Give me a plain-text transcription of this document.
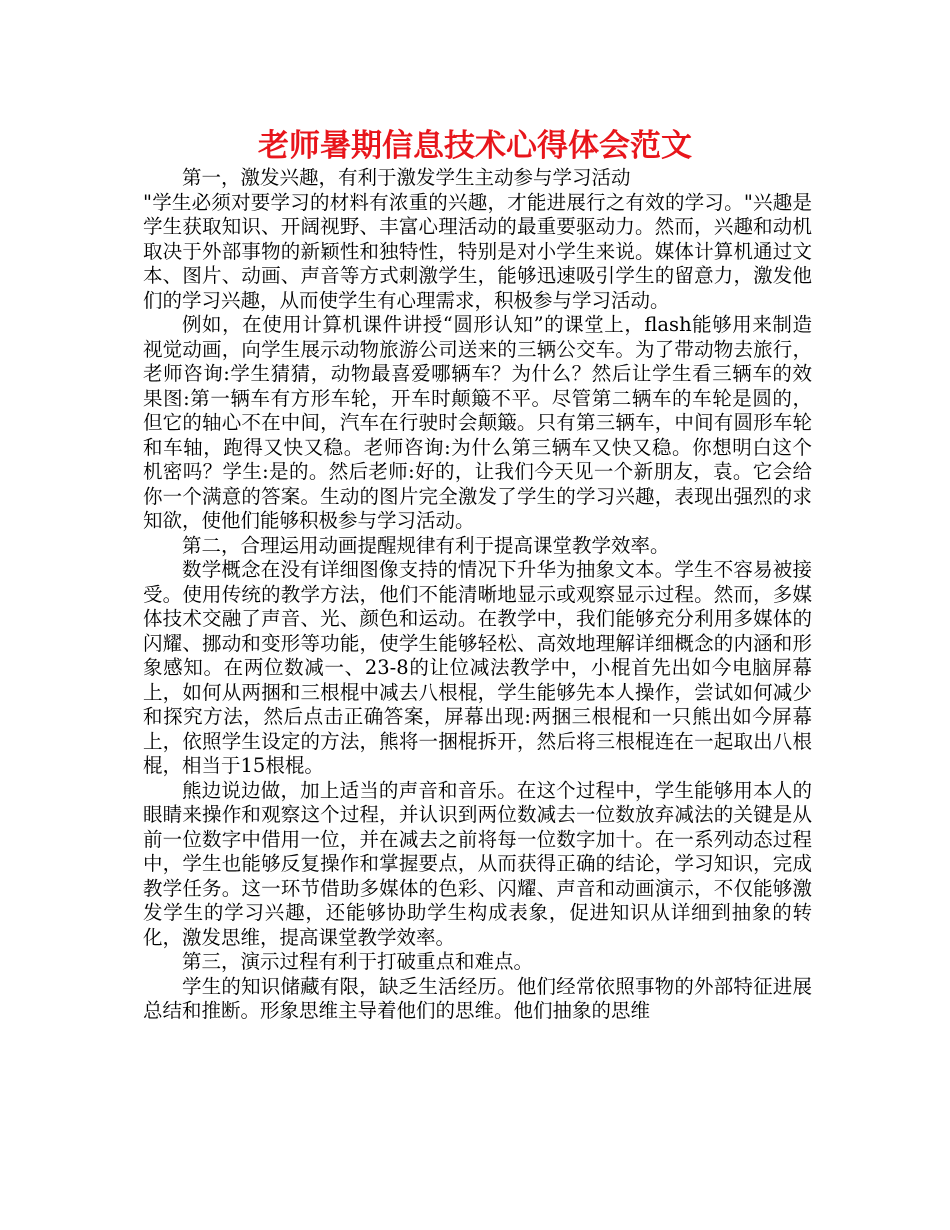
老师暑期信息技术心得体会范文

第一，激发兴趣，有利于激发学生主动参与学习活动

"学生必须对要学习的材料有浓重的兴趣，才能进展行之有效的学习。"兴趣是学生获取知识、开阔视野、丰富心理活动的最重要驱动力。然而，兴趣和动机取决于外部事物的新颖性和独特性，特别是对小学生来说。媒体计算机通过文本、图片、动画、声音等方式刺激学生，能够迅速吸引学生的留意力，激发他们的学习兴趣，从而使学生有心理需求，积极参与学习活动。

例如，在使用计算机课件讲授“圆形认知”的课堂上，flash能够用来制造视觉动画，向学生展示动物旅游公司送来的三辆公交车。为了带动物去旅行，老师咨询:学生猜猜，动物最喜爱哪辆车？为什么？然后让学生看三辆车的效果图:第一辆车有方形车轮，开车时颠簸不平。尽管第二辆车的车轮是圆的，但它的轴心不在中间，汽车在行驶时会颠簸。只有第三辆车，中间有圆形车轮和车轴，跑得又快又稳。老师咨询:为什么第三辆车又快又稳。你想明白这个机密吗？学生:是的。然后老师:好的，让我们今天见一个新朋友，袁。它会给你一个满意的答案。生动的图片完全激发了学生的学习兴趣，表现出强烈的求知欲，使他们能够积极参与学习活动。

第二，合理运用动画提醒规律有利于提高课堂教学效率。

数学概念在没有详细图像支持的情况下升华为抽象文本。学生不容易被接受。使用传统的教学方法，他们不能清晰地显示或观察显示过程。然而，多媒体技术交融了声音、光、颜色和运动。在教学中，我们能够充分利用多媒体的闪耀、挪动和变形等功能，使学生能够轻松、高效地理解详细概念的内涵和形象感知。在两位数减一、23-8的让位减法教学中，小棍首先出如今电脑屏幕上，如何从两捆和三根棍中减去八根棍，学生能够先本人操作，尝试如何减少和探究方法，然后点击正确答案，屏幕出现:两捆三根棍和一只熊出如今屏幕上，依照学生设定的方法，熊将一捆棍拆开，然后将三根棍连在一起取出八根棍，相当于15根棍。

熊边说边做，加上适当的声音和音乐。在这个过程中，学生能够用本人的眼睛来操作和观察这个过程，并认识到两位数减去一位数放弃减法的关键是从前一位数字中借用一位，并在减去之前将每一位数字加十。在一系列动态过程中，学生也能够反复操作和掌握要点，从而获得正确的结论，学习知识，完成教学任务。这一环节借助多媒体的色彩、闪耀、声音和动画演示，不仅能够激发学生的学习兴趣，还能够协助学生构成表象，促进知识从详细到抽象的转化，激发思维，提高课堂教学效率。

第三，演示过程有利于打破重点和难点。

学生的知识储藏有限，缺乏生活经历。他们经常依照事物的外部特征进展总结和推断。形象思维主导着他们的思维。他们抽象的思维
